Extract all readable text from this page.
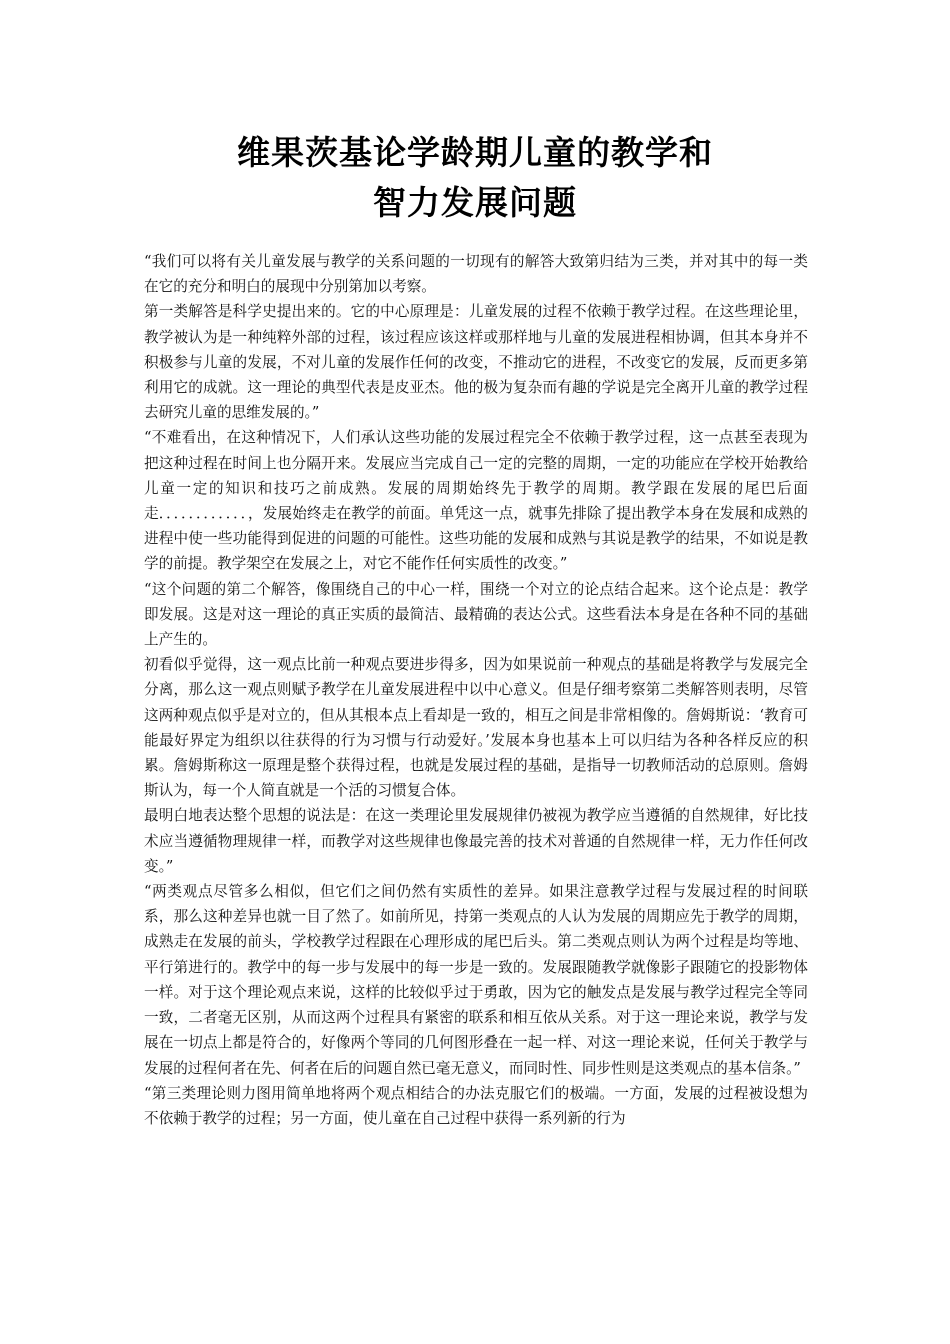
维果茨基论学龄期儿童的教学和
智力发展问题

“我们可以将有关儿童发展与教学的关系问题的一切现有的解答大致第归结为三类，并对其中的每一类在它的充分和明白的展现中分别第加以考察。

第一类解答是科学史提出来的。它的中心原理是：儿童发展的过程不依赖于教学过程。在这些理论里，教学被认为是一种纯粹外部的过程，该过程应该这样或那样地与儿童的发展进程相协调，但其本身并不积极参与儿童的发展，不对儿童的发展作任何的改变，不推动它的进程，不改变它的发展，反而更多第利用它的成就。这一理论的典型代表是皮亚杰。他的极为复杂而有趣的学说是完全离开儿童的教学过程去研究儿童的思维发展的。”

“不难看出，在这种情况下，人们承认这些功能的发展过程完全不依赖于教学过程，这一点甚至表现为把这种过程在时间上也分隔开来。发展应当完成自己一定的完整的周期，一定的功能应在学校开始教给儿童一定的知识和技巧之前成熟。发展的周期始终先于教学的周期。教学跟在发展的尾巴后面走．．．．．．．．．．．．，发展始终走在教学的前面。单凭这一点，就事先排除了提出教学本身在发展和成熟的进程中使一些功能得到促进的问题的可能性。这些功能的发展和成熟与其说是教学的结果，不如说是教学的前提。教学架空在发展之上，对它不能作任何实质性的改变。”

“这个问题的第二个解答，像围绕自己的中心一样，围绕一个对立的论点结合起来。这个论点是：教学即发展。这是对这一理论的真正实质的最简洁、最精确的表达公式。这些看法本身是在各种不同的基础上产生的。

初看似乎觉得，这一观点比前一种观点要进步得多，因为如果说前一种观点的基础是将教学与发展完全分离，那么这一观点则赋予教学在儿童发展进程中以中心意义。但是仔细考察第二类解答则表明，尽管这两种观点似乎是对立的，但从其根本点上看却是一致的，相互之间是非常相像的。詹姆斯说：‘教育可能最好界定为组织以往获得的行为习惯与行动爱好。’发展本身也基本上可以归结为各种各样反应的积累。詹姆斯称这一原理是整个获得过程，也就是发展过程的基础，是指导一切教师活动的总原则。詹姆斯认为，每一个人简直就是一个活的习惯复合体。

最明白地表达整个思想的说法是：在这一类理论里发展规律仍被视为教学应当遵循的自然规律，好比技术应当遵循物理规律一样，而教学对这些规律也像最完善的技术对普通的自然规律一样，无力作任何改变。”

“两类观点尽管多么相似，但它们之间仍然有实质性的差异。如果注意教学过程与发展过程的时间联系，那么这种差异也就一目了然了。如前所见，持第一类观点的人认为发展的周期应先于教学的周期，成熟走在发展的前头，学校教学过程跟在心理形成的尾巴后头。第二类观点则认为两个过程是均等地、平行第进行的。教学中的每一步与发展中的每一步是一致的。发展跟随教学就像影子跟随它的投影物体一样。对于这个理论观点来说，这样的比较似乎过于勇敢，因为它的触发点是发展与教学过程完全等同一致，二者毫无区别，从而这两个过程具有紧密的联系和相互依从关系。对于这一理论来说，教学与发展在一切点上都是符合的，好像两个等同的几何图形叠在一起一样、对这一理论来说，任何关于教学与发展的过程何者在先、何者在后的问题自然已毫无意义，而同时性、同步性则是这类观点的基本信条。”

“第三类理论则力图用简单地将两个观点相结合的办法克服它们的极端。一方面，发展的过程被设想为不依赖于教学的过程；另一方面，使儿童在自己过程中获得一系列新的行为
